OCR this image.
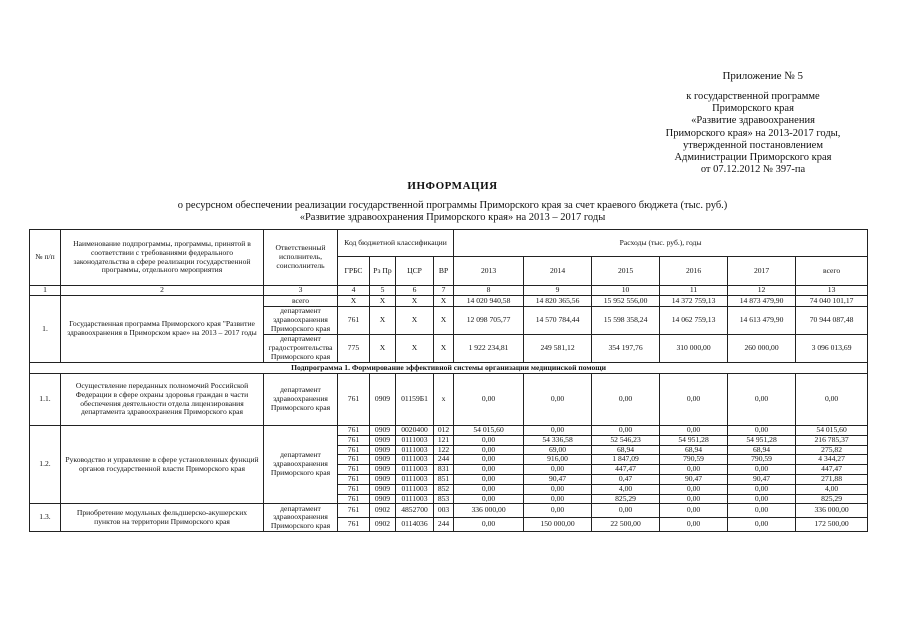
Приложение № 5
к государственной программе
Приморского края
«Развитие здравоохранения
Приморского края» на 2013-2017 годы,
утвержденной постановлением
Администрации Приморского края
от 07.12.2012 № 397-па
ИНФОРМАЦИЯ
о ресурсном обеспечении реализации государственной программы Приморского края за счет краевого бюджета (тыс. руб.)
«Развитие здравоохранения Приморского края» на 2013 – 2017 годы
№ п/п	Наименование подпрограммы, программы, принятой в соответствии с требованиями федерального законодательства в сфере реализации государственной программы, отдельного мероприятия	Ответственный исполнитель, соисполнитель	Код бюджетной классификации				Расходы (тыс. руб.), годы					
			ГРБС	Рз Пр	ЦСР	ВР	2013	2014	2015	2016	2017	всего
1	2	3	4	5	6	7	8	9	10	11	12	13
1.	Государственная программа Приморского края "Развитие здравоохранения в Приморском крае» на 2013 – 2017 годы	всего	Х	Х	Х	Х	14 020 940,58	14 820 365,56	15 952 556,00	14 372 759,13	14 873 479,90	74 040 101,17
		департамент здравоохранения Приморского края	761	Х	Х	Х	12 098 705,77	14 570 784,44	15 598 358,24	14 062 759,13	14 613 479,90	70 944 087,48
		департамент градостроительства Приморского края	775	Х	Х	Х	1 922 234,81	249 581,12	354 197,76	310 000,00	260 000,00	3 096 013,69
Подпрограмма 1. Формирование эффективной системы организации медицинской помощи												
1.1.	Осуществление переданных полномочий Российской Федерации в сфере охраны здоровья граждан в части обеспечения деятельности отдела лицензирования департамента здравоохранения Приморского края	департамент здравоохранения Приморского края	761	0909	01159Б1	х	0,00	0,00	0,00	0,00	0,00	0,00
1.2.	Руководство и управление в сфере установленных функций органов государственной власти Приморского края	департамент здравоохранения Приморского края	761	0909	0020400	012	54 015,60	0,00	0,00	0,00	0,00	54 015,60
			761	0909	0111003	121	0,00	54 336,58	52 546,23	54 951,28	54 951,28	216 785,37
			761	0909	0111003	122	0,00	69,00	68,94	68,94	68,94	275,82
			761	0909	0111003	244	0,00	916,00	1 847,09	790,59	790,59	4 344,27
			761	0909	0111003	831	0,00	0,00	447,47	0,00	0,00	447,47
			761	0909	0111003	851	0,00	90,47	0,47	90,47	90,47	271,88
			761	0909	0111003	852	0,00	0,00	4,00	0,00	0,00	4,00
			761	0909	0111003	853	0,00	0,00	825,29	0,00	0,00	825,29
1.3.	Приобретение модульных фельдшерско-акушерских пунктов на территории Приморского края	департамент здравоохранения Приморского края	761	0902	4852700	003	336 000,00	0,00	0,00	0,00	0,00	336 000,00
			761	0902	0114036	244	0,00	150 000,00	22 500,00	0,00	0,00	172 500,00
